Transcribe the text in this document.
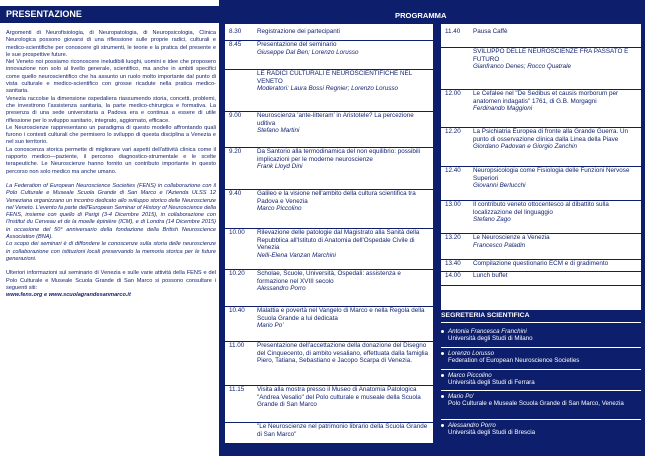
PRESENTAZIONE

Argomenti di Neurofisiologia, di Neuropatologia, di Neuropsicologia, Clinica Neurologica possono giovarsi di una riflessione sulle proprie radici, culturali e medico-scientifiche per conoscere gli strumenti, le teorie e la pratica del presente e le sue prospettive future.

Nel Veneto noi possiamo riconoscere ineludibili luoghi, uomini e idee che proposero innovazione non solo al livello generale, scientifico, ma anche in ambiti specifici come quello neuroscientifico che ha assunto un ruolo molto importante dal punto di vista culturale e medico-scientifico con grosse ricadute nella pratica medico-sanitaria.

Venezia raccolse la dimensione ospedaliera riassumendo storia, concetti, problemi, che investirono l'assistenza sanitaria, la parte medico-chirurgica e formativa. La presenza di una sede universitaria a Padova era e continua a essere di utile riflessione per lo sviluppo sanitario, integrato, aggiornato, efficace.

Le Neuroscienze rappresentano un paradigma di questo modello affrontando quali furono i contesti culturali che permisero lo sviluppo di questa disciplina a Venezia e nel suo territorio.

La conoscenza storica permette di migliorare vari aspetti dell'attività clinica come il rapporto medico—paziente, il percorso diagnostico-strumentale e le scelte terapeutiche. Le Neuroscienze hanno fornito un contributo importante in questo percorso non solo medico ma anche umano.

La Federation of European Neuroscience Societies (FENS) in collaborazione con il Polo Culturale e Museale Scuola Grande di San Marco e l'Azienda ULSS 12 Veneziana organizzano un incontro dedicato allo sviluppo storico delle Neuroscienze nel Veneto. L'evento fa parte dell'European Seminar of History of Neuroscience della FENS, insieme con quello di Parigi (3-4 Dicembre 2015), in collaborazione con l'Institut du Cerveau et de la moelle épinière (ICM), e di Londra (14 Dicembre 2015) in occasione del 50° anniversario della fondazione della British Neuroscience Association (BNA).

Lo scopo dei seminari è di diffondere le conoscenze sulla storia delle neuroscienze in collaborazione con istituzioni locali preservando la memoria storica per le future generazioni.

Ulteriori informazioni sul seminario di Venezia e sulle varie attività della FENS e del Polo Culturale e Museale Scuola Grande di San Marco si possono consultare i seguenti siti:

www.fens.org e www.scuolagrandesanmarco.it

PROGRAMMA
8.30 Registrazione dei partecipanti
8.45 Presentazione del seminario
Giuseppe Dal Ben; Lorenzo Lorusso
LE RADICI CULTURALI E NEUROSCIENTIFICHE NEL VENETO
Moderatori: Laura Bossi Regnier; Lorenzo Lorusso
9.00 Neuroscienza 'ante-litteram' in Aristotele? La percezione uditiva
Stefano Martini
9.20 Da Santorio alla termodinamica del non equilibrio: possibili implicazioni per le moderne neuroscienze
Frank Lloyd Dini
9.40 Galileo e la visione nell'ambito della cultura scientifica tra Padova e Venezia
Marco Piccolino
10.00 Rilevazione delle patologie dal Magistrato alla Sanità della Repubblica all'Istituto di Anatomia dell'Ospedale Civile di Venezia
Nelli-Elena Vanzan Marchini
10.20 Scholae, Scuole, Università, Ospedali: assistenza e formazione nel XVIII secolo
Alessandro Porro
10.40 Malattia e povertà nel Vangelo di Marco e nella Regola della Scuola Grande a lui dedicata
Mario Po'
11.00 Presentazione dell'accettazione della donazione del Disegno del Cinquecento, di ambito vesaliano, effettuata dalla famiglia Piero, Tatiana, Sebastiano e Jacopo Scarpa di Venezia.
11.15 Visita alla mostra presso il Museo di Anatomia Patologica "Andrea Vesalio" del Polo culturale e museale della Scuola Grande di San Marco
"Le Neuroscienze nel patrimonio librario della Scuola Grande di San Marco"
11.40 Pausa Caffè
SVILUPPO DELLE NEUROSCIENZE FRA PASSATO E FUTURO
Gianfranco Denes; Rocco Quatrale
12.00 Le Cefalee nel "De Sedibus et causis morborum per anatomen indagatis" 1761, di G.B. Morgagni
Ferdinando Maggioni
12.20 La Psichiatria Europea di fronte alla Grande Guerra. Un punto di osservazione clinica dalla Linea della Piave
Giordano Padovan e Giorgio Zanchin
12.40 Neuropsicologia come Fisiologia delle Funzioni Nervose Superiori
Giovanni Berlucchi
13.00 Il contributo veneto ottocentesco al dibattito sulla localizzazione del linguaggio
Stefano Zago
13.20 Le Neuroscienze a Venezia
Francesco Paladin
13.40 Compilazione questionario ECM e di gradimento
14.00 Lunch buffet
SEGRETERIA SCIENTIFICA
Antonia Francesca Franchini
Università degli Studi di Milano
Lorenzo Lorusso
Federation of European Neuroscience Societies
Marco Piccolino
Università degli Studi di Ferrara
Mario Po'
Polo Culturale e Museale Scuola Grande di San Marco, Venezia
Alessandro Porro
Università degli Studi di Brescia
